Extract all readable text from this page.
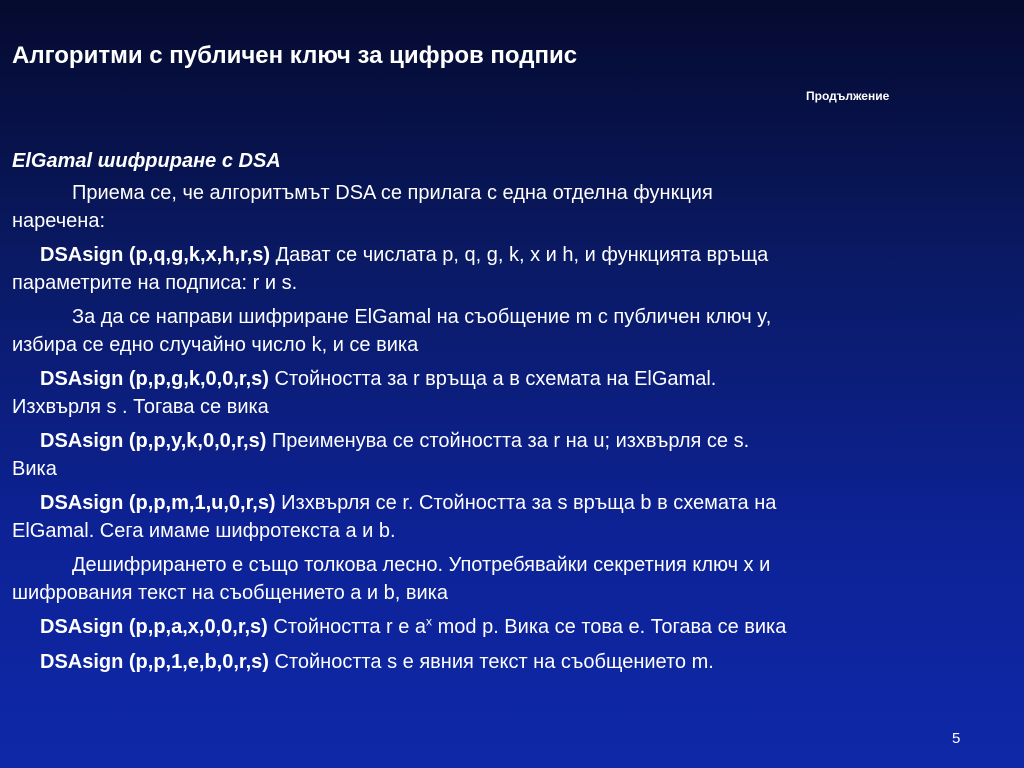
Алгоритми с публичен ключ за цифров подпис
Продължение
ElGamal шифриране с DSA
Приема се, че алгоритъмът DSA се прилага с една отделна функция
наречена:
DSAsign (p,q,g,k,x,h,r,s) Дават се числата p, q, g, k, x и h, и функцията връща
параметрите на подписа: r и s.
За да се направи шифриране ElGamal на съобщение m с публичен ключ y,
избира се едно случайно число k, и се вика
DSAsign (p,p,g,k,0,0,r,s) Стойността за r връща a в схемата на ElGamal.
Изхвърля s . Тогава се вика
DSAsign (p,p,y,k,0,0,r,s) Преименува се стойността за r на u; изхвърля се s.
Вика
DSAsign (p,p,m,1,u,0,r,s) Изхвърля се r. Стойността за s връща b в схемата на
ElGamal. Сега имаме шифротекста a и b.
Дешифрирането е също толкова лесно. Употребявайки секретния ключ x и
шифрования текст на съобщението a и b, вика
DSAsign (p,p,a,x,0,0,r,s) Стойността r е $a^x$ mod p. Вика се това e. Тогава се вика
DSAsign (p,p,1,e,b,0,r,s) Стойността s е явния текст на съобщението m.
5
